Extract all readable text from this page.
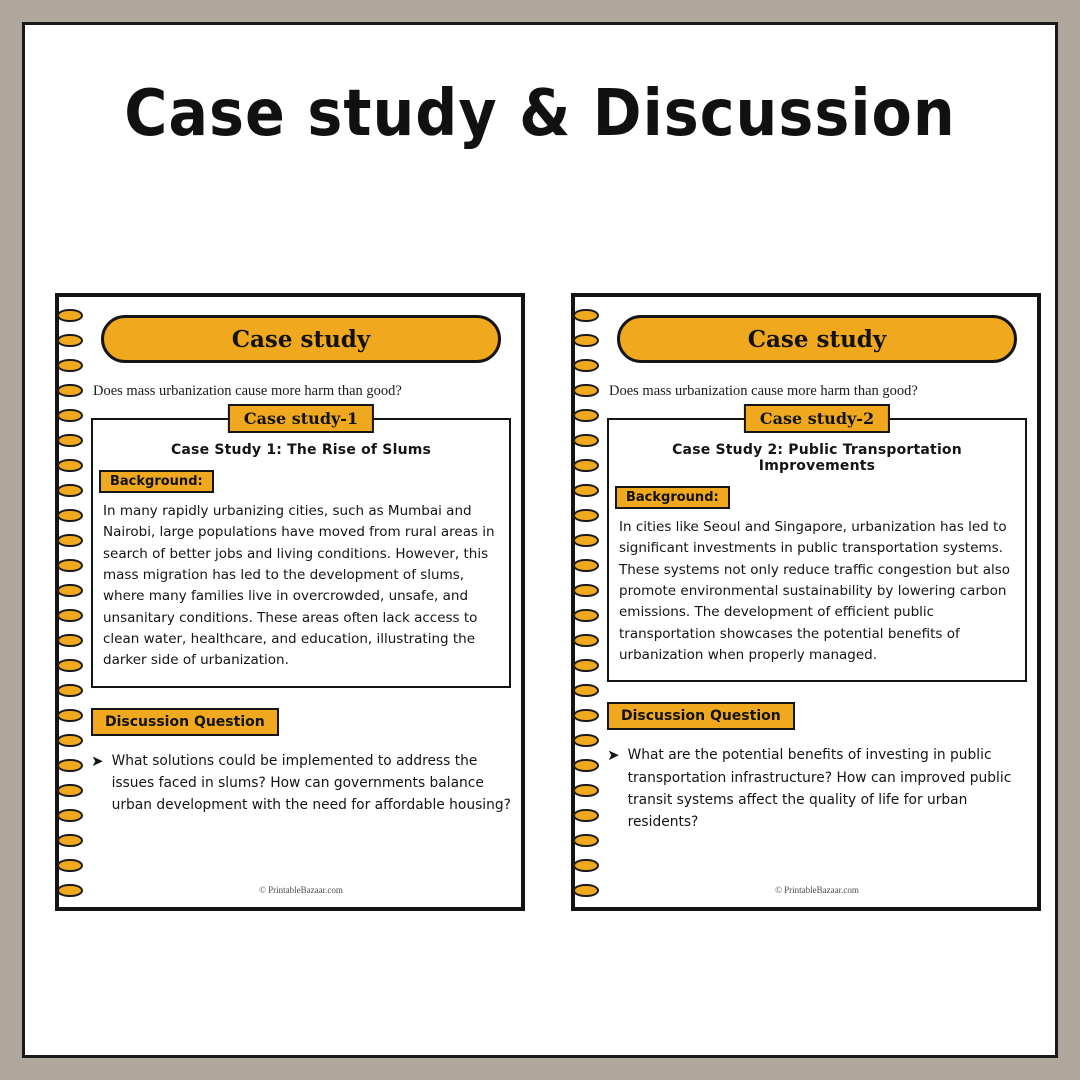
Case study & Discussion
Case study
Does mass urbanization cause more harm than good?
Case study-1
Case Study 1: The Rise of Slums
Background:
In many rapidly urbanizing cities, such as Mumbai and Nairobi, large populations have moved from rural areas in search of better jobs and living conditions. However, this mass migration has led to the development of slums, where many families live in overcrowded, unsafe, and unsanitary conditions. These areas often lack access to clean water, healthcare, and education, illustrating the darker side of urbanization.
Discussion Question
➤ What solutions could be implemented to address the issues faced in slums? How can governments balance urban development with the need for affordable housing?
© PrintableBazaar.com
Case study
Does mass urbanization cause more harm than good?
Case study-2
Case Study 2: Public Transportation Improvements
Background:
In cities like Seoul and Singapore, urbanization has led to significant investments in public transportation systems. These systems not only reduce traffic congestion but also promote environmental sustainability by lowering carbon emissions. The development of efficient public transportation showcases the potential benefits of urbanization when properly managed.
Discussion Question
➤ What are the potential benefits of investing in public transportation infrastructure? How can improved public transit systems affect the quality of life for urban residents?
© PrintableBazaar.com
